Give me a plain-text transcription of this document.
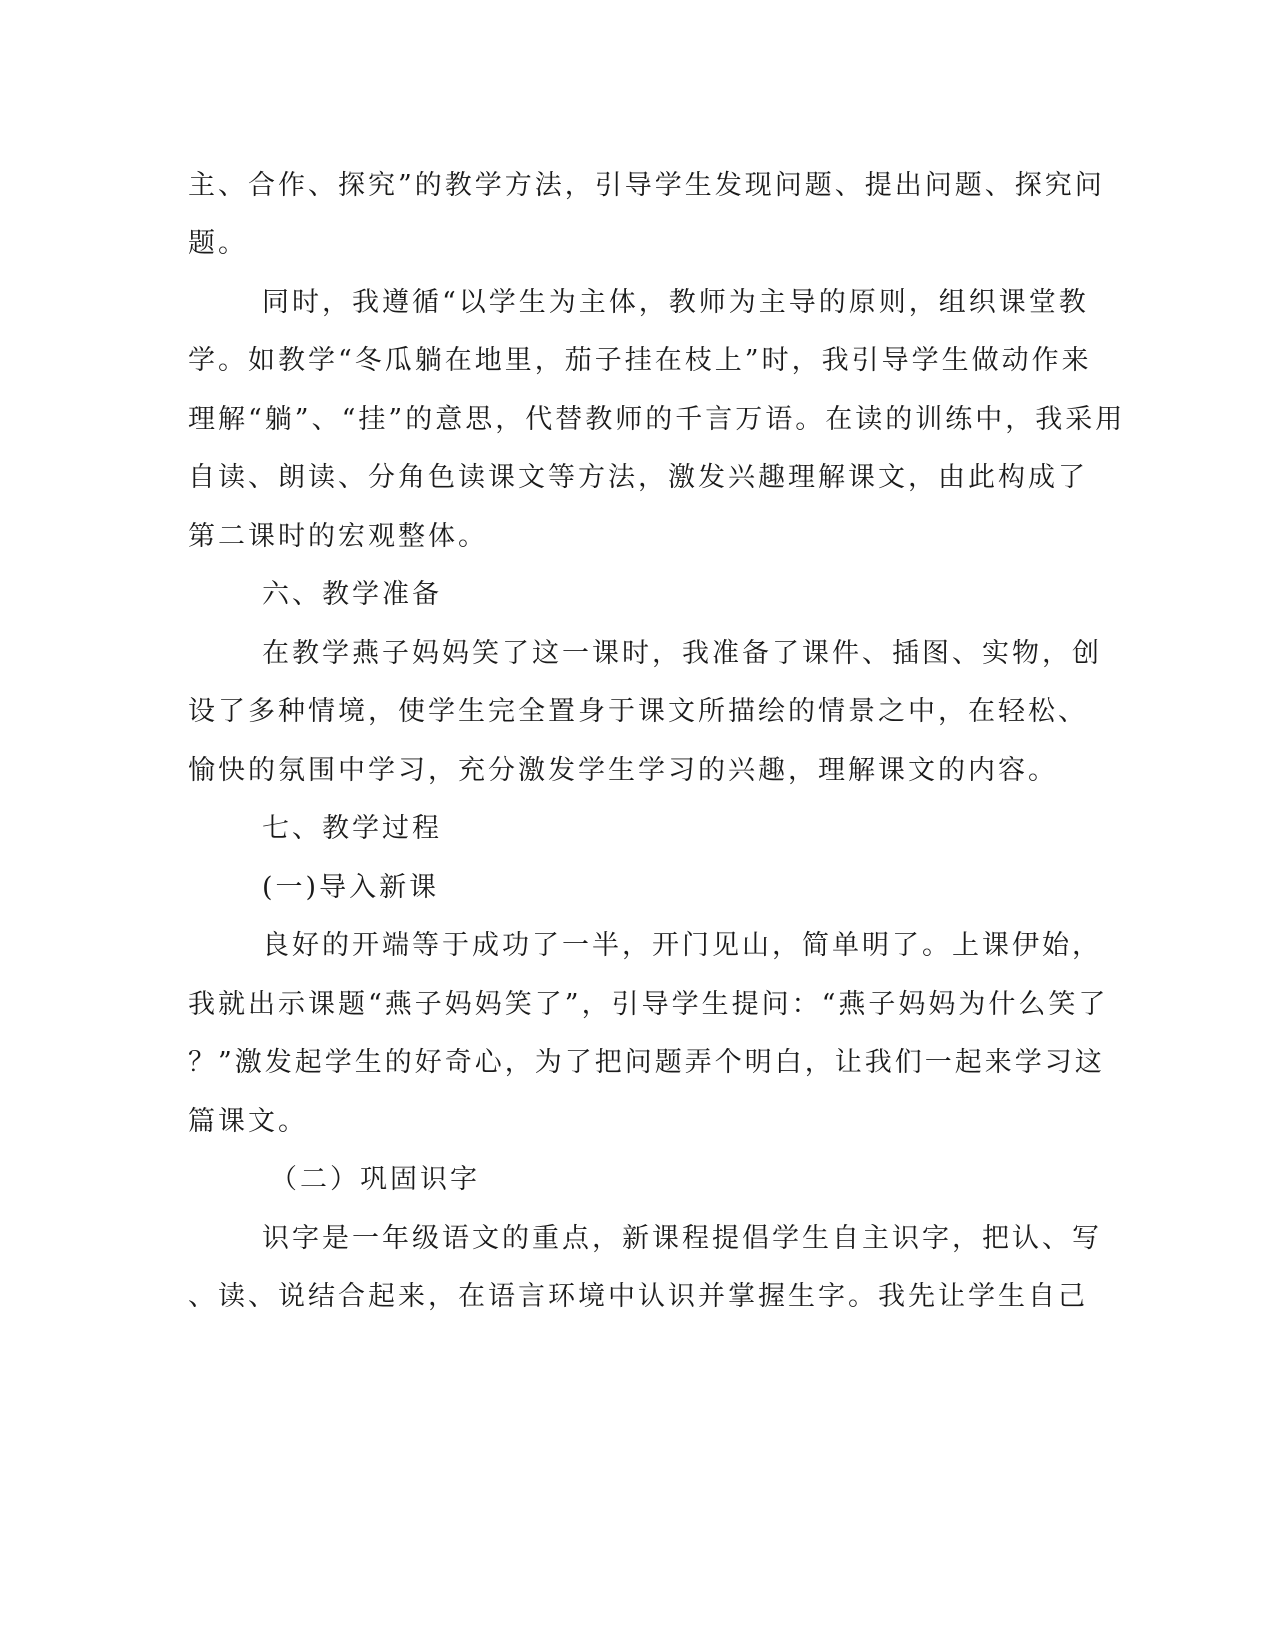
主、合作、探究”的教学方法，引导学生发现问题、提出问题、探究问
题。
同时，我遵循“以学生为主体，教师为主导的原则，组织课堂教
学。如教学“冬瓜躺在地里，茄子挂在枝上”时，我引导学生做动作来
理解“躺”、“挂”的意思，代替教师的千言万语。在读的训练中，我采用
自读、朗读、分角色读课文等方法，激发兴趣理解课文，由此构成了
第二课时的宏观整体。
六、教学准备
在教学燕子妈妈笑了这一课时，我准备了课件、插图、实物，创
设了多种情境，使学生完全置身于课文所描绘的情景之中，在轻松、
愉快的氛围中学习，充分激发学生学习的兴趣，理解课文的内容。
七、教学过程
(一)导入新课
良好的开端等于成功了一半，开门见山，简单明了。上课伊始，
我就出示课题“燕子妈妈笑了”，引导学生提问：“燕子妈妈为什么笑了
？”激发起学生的好奇心，为了把问题弄个明白，让我们一起来学习这
篇课文。
（二）巩固识字
识字是一年级语文的重点，新课程提倡学生自主识字，把认、写
、读、说结合起来，在语言环境中认识并掌握生字。我先让学生自己
